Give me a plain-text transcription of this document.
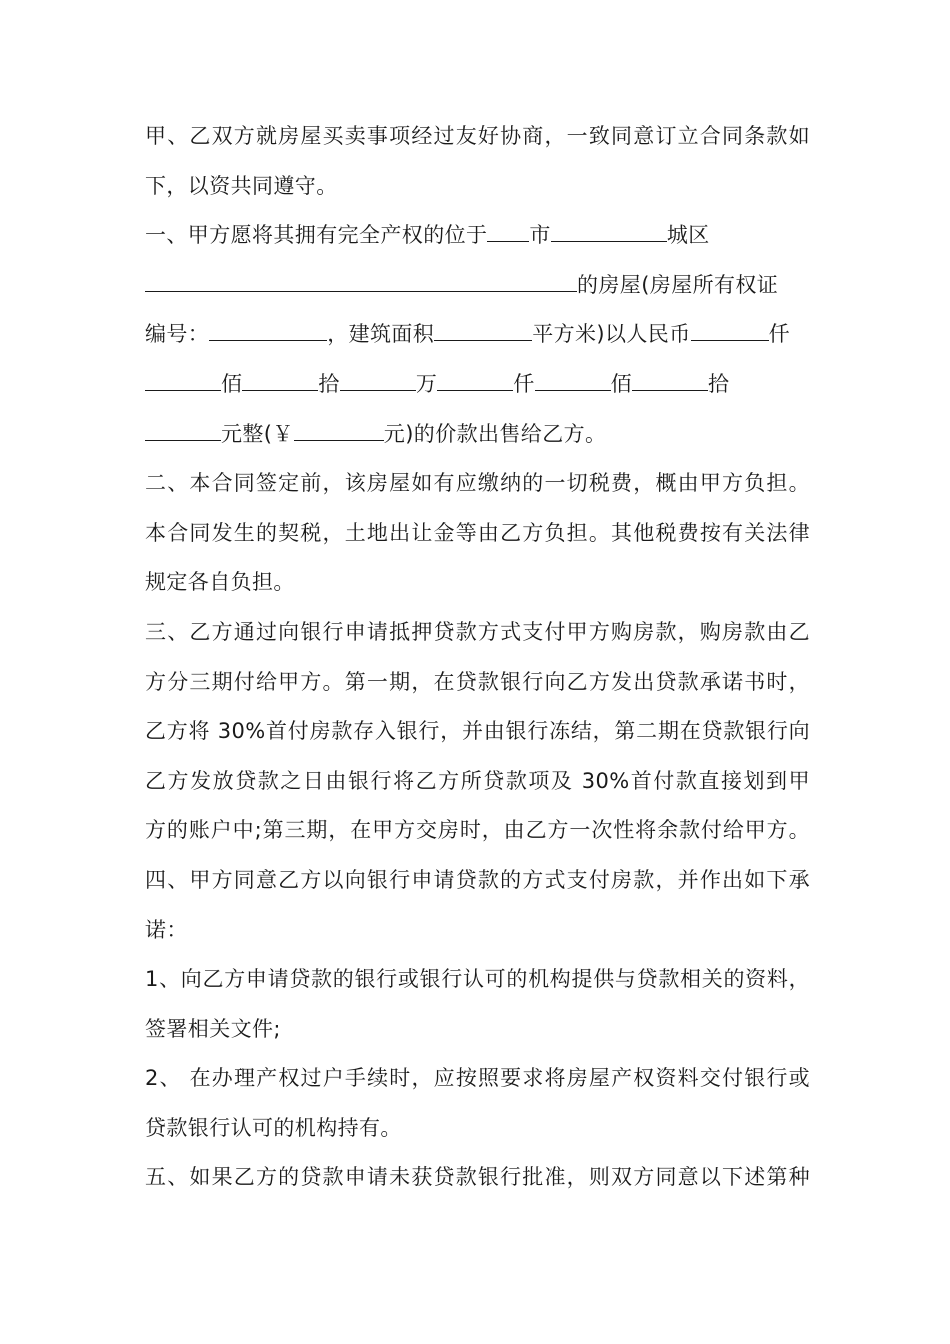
甲、乙双方就房屋买卖事项经过友好协商，一致同意订立合同条款如
下，以资共同遵守。
一、甲方愿将其拥有完全产权的位于 市	城区
的房屋(房屋所有权证
编号：	，建筑面积	平方米)以人民币	仟
佰	拾	万	仟	佰	拾
元整(￥	元)的价款出售给乙方。
二、本合同签定前，该房屋如有应缴纳的一切税费，概由甲方负担。
本合同发生的契税，土地出让金等由乙方负担。其他税费按有关法律
规定各自负担。
三、乙方通过向银行申请抵押贷款方式支付甲方购房款，购房款由乙
方分三期付给甲方。第一期，在贷款银行向乙方发出贷款承诺书时，
乙方将 30%首付房款存入银行，并由银行冻结，第二期在贷款银行向
乙方发放贷款之日由银行将乙方所贷款项及 30%首付款直接划到甲
方的账户中;第三期，在甲方交房时，由乙方一次性将余款付给甲方。
四、甲方同意乙方以向银行申请贷款的方式支付房款，并作出如下承
诺：
1、向乙方申请贷款的银行或银行认可的机构提供与贷款相关的资料，
签署相关文件;
2、 在办理产权过户手续时，应按照要求将房屋产权资料交付银行或
贷款银行认可的机构持有。
五、如果乙方的贷款申请未获贷款银行批准，则双方同意以下述第种
